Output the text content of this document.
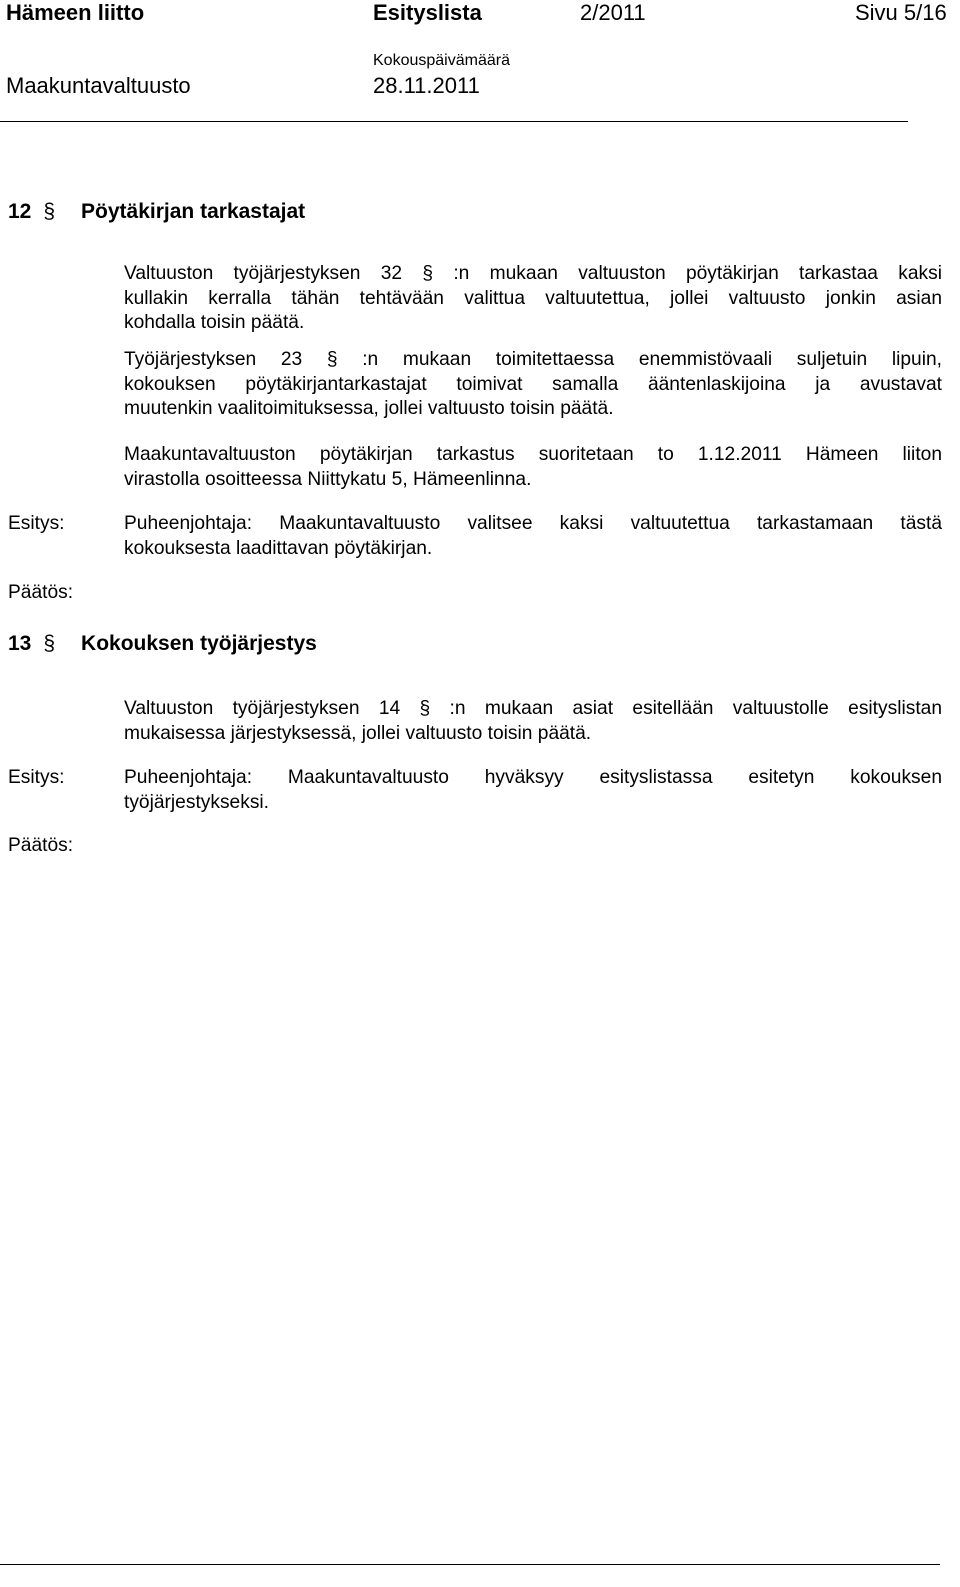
Hämeen liitto	Esityslista	2/2011	Sivu 5/16
Kokouspäivämäärä
Maakuntavaltuusto	28.11.2011
12 § Pöytäkirjan tarkastajat
Valtuuston työjärjestyksen 32 § :n mukaan valtuuston pöytäkirjan tarkastaa kaksi
kullakin kerralla tähän tehtävään valittua valtuutettua, jollei valtuusto jonkin asian
kohdalla toisin päätä.
Työjärjestyksen 23 § :n mukaan toimitettaessa enemmistövaali suljetuin lipuin,
kokouksen pöytäkirjantarkastajat toimivat samalla ääntenlaskijoina ja avustavat
muutenkin vaalitoimituksessa, jollei valtuusto toisin päätä.
Maakuntavaltuuston pöytäkirjan tarkastus suoritetaan to 1.12.2011 Hämeen liiton
virastolla osoitteessa Niittykatu 5, Hämeenlinna.
Esitys:	Puheenjohtaja: Maakuntavaltuusto valitsee kaksi valtuutettua tarkastamaan tästä
kokouksesta laadittavan pöytäkirjan.
Päätös:
13 § Kokouksen työjärjestys
Valtuuston työjärjestyksen 14 § :n mukaan asiat esitellään valtuustolle esityslistan
mukaisessa järjestyksessä, jollei valtuusto toisin päätä.
Esitys:	Puheenjohtaja: Maakuntavaltuusto hyväksyy esityslistassa esitetyn kokouksen
työjärjestykseksi.
Päätös:
